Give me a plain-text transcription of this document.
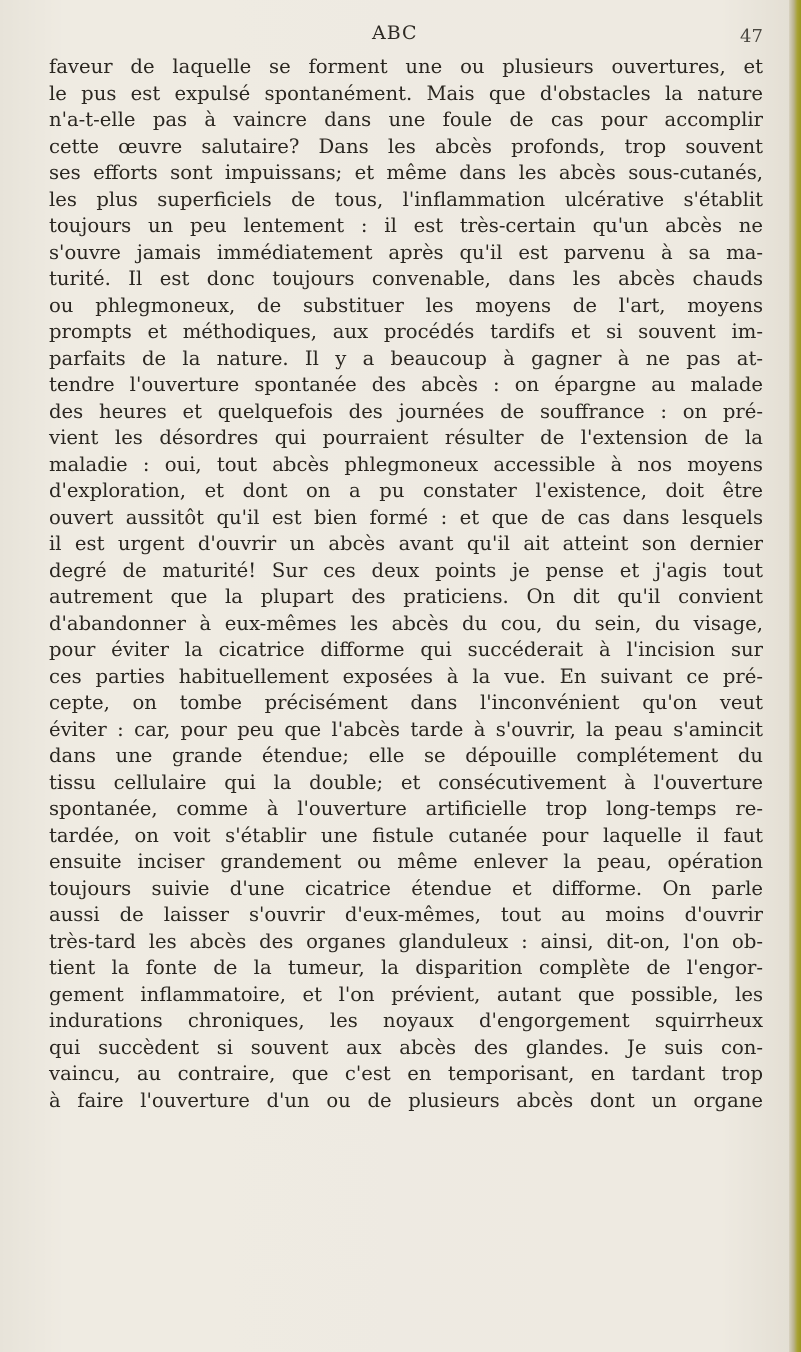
ABC	47
faveur de laquelle se forment une ou plusieurs ouvertures, et
le pus est expulsé spontanément. Mais que d'obstacles la nature
n'a-t-elle pas à vaincre dans une foule de cas pour accomplir
cette œuvre salutaire? Dans les abcès profonds, trop souvent
ses efforts sont impuissans; et même dans les abcès sous-cutanés,
les plus superficiels de tous, l'inflammation ulcérative s'établit
toujours un peu lentement : il est très-certain qu'un abcès ne
s'ouvre jamais immédiatement après qu'il est parvenu à sa ma-
turité. Il est donc toujours convenable, dans les abcès chauds
ou phlegmoneux, de substituer les moyens de l'art, moyens
prompts et méthodiques, aux procédés tardifs et si souvent im-
parfaits de la nature. Il y a beaucoup à gagner à ne pas at-
tendre l'ouverture spontanée des abcès : on épargne au malade
des heures et quelquefois des journées de souffrance : on pré-
vient les désordres qui pourraient résulter de l'extension de la
maladie : oui, tout abcès phlegmoneux accessible à nos moyens
d'exploration, et dont on a pu constater l'existence, doit être
ouvert aussitôt qu'il est bien formé : et que de cas dans lesquels
il est urgent d'ouvrir un abcès avant qu'il ait atteint son dernier
degré de maturité! Sur ces deux points je pense et j'agis tout
autrement que la plupart des praticiens. On dit qu'il convient
d'abandonner à eux-mêmes les abcès du cou, du sein, du visage,
pour éviter la cicatrice difforme qui succéderait à l'incision sur
ces parties habituellement exposées à la vue. En suivant ce pré-
cepte, on tombe précisément dans l'inconvénient qu'on veut
éviter : car, pour peu que l'abcès tarde à s'ouvrir, la peau s'amincit
dans une grande étendue; elle se dépouille complétement du
tissu cellulaire qui la double; et consécutivement à l'ouverture
spontanée, comme à l'ouverture artificielle trop long-temps re-
tardée, on voit s'établir une fistule cutanée pour laquelle il faut
ensuite inciser grandement ou même enlever la peau, opération
toujours suivie d'une cicatrice étendue et difforme. On parle
aussi de laisser s'ouvrir d'eux-mêmes, tout au moins d'ouvrir
très-tard les abcès des organes glanduleux : ainsi, dit-on, l'on ob-
tient la fonte de la tumeur, la disparition complète de l'engor-
gement inflammatoire, et l'on prévient, autant que possible, les
indurations chroniques, les noyaux d'engorgement squirrheux
qui succèdent si souvent aux abcès des glandes. Je suis con-
vaincu, au contraire, que c'est en temporisant, en tardant trop
à faire l'ouverture d'un ou de plusieurs abcès dont un organe
